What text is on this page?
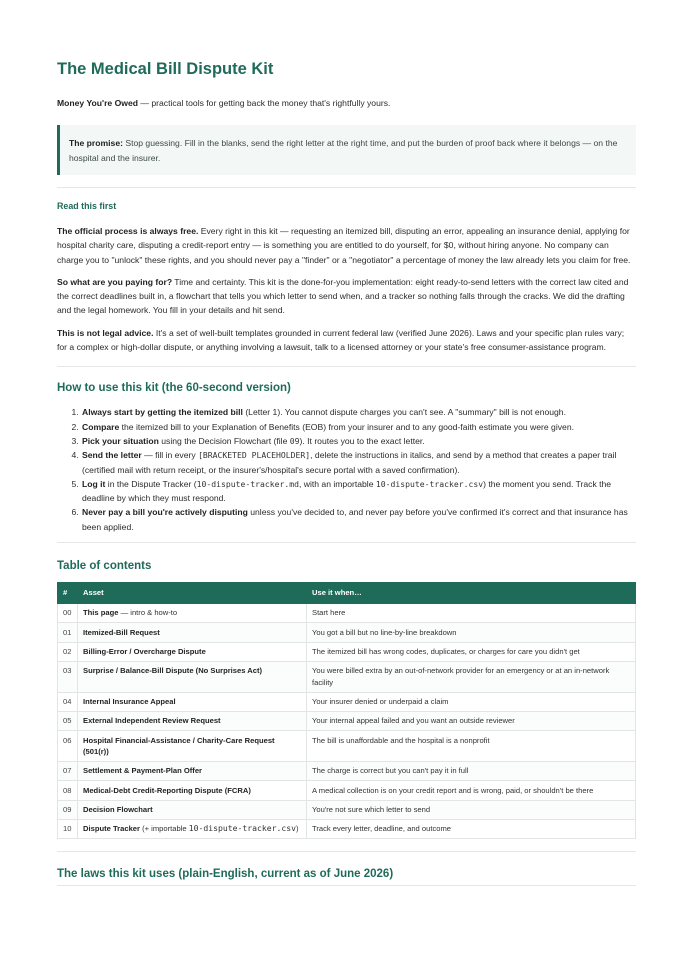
The Medical Bill Dispute Kit

Money You're Owed — practical tools for getting back the money that's rightfully yours.

The promise: Stop guessing. Fill in the blanks, send the right letter at the right time, and put the burden of proof back where it belongs — on the hospital and the insurer.
Read this first

The official process is always free. Every right in this kit — requesting an itemized bill, disputing an error, appealing an insurance denial, applying for hospital charity care, disputing a credit-report entry — is something you are entitled to do yourself, for $0, without hiring anyone. No company can charge you to "unlock" these rights, and you should never pay a "finder" or a "negotiator" a percentage of money the law already lets you claim for free.

So what are you paying for? Time and certainty. This kit is the done-for-you implementation: eight ready-to-send letters with the correct law cited and the correct deadlines built in, a flowchart that tells you which letter to send when, and a tracker so nothing falls through the cracks. We did the drafting and the legal homework. You fill in your details and hit send.

This is not legal advice. It's a set of well-built templates grounded in current federal law (verified June 2026). Laws and your specific plan rules vary; for a complex or high-dollar dispute, or anything involving a lawsuit, talk to a licensed attorney or your state's free consumer-assistance program.

How to use this kit (the 60-second version)
1. Always start by getting the itemized bill (Letter 1). You cannot dispute charges you can't see. A "summary" bill is not enough.
2. Compare the itemized bill to your Explanation of Benefits (EOB) from your insurer and to any good-faith estimate you were given.
3. Pick your situation using the Decision Flowchart (file 09). It routes you to the exact letter.
4. Send the letter — fill in every [BRACKETED PLACEHOLDER], delete the instructions in italics, and send by a method that creates a paper trail (certified mail with return receipt, or the insurer's/hospital's secure portal with a saved confirmation).
5. Log it in the Dispute Tracker (10-dispute-tracker.md, with an importable 10-dispute-tracker.csv) the moment you send. Track the deadline by which they must respond.
6. Never pay a bill you're actively disputing unless you've decided to, and never pay before you've confirmed it's correct and that insurance has been applied.
Table of contents
#	Asset	Use it when…
00	This page — intro & how-to	Start here
01	Itemized-Bill Request	You got a bill but no line-by-line breakdown
02	Billing-Error / Overcharge Dispute	The itemized bill has wrong codes, duplicates, or charges for care you didn't get
03	Surprise / Balance-Bill Dispute (No Surprises Act)	You were billed extra by an out-of-network provider for an emergency or at an in-network facility
04	Internal Insurance Appeal	Your insurer denied or underpaid a claim
05	External Independent Review Request	Your internal appeal failed and you want an outside reviewer
06	Hospital Financial-Assistance / Charity-Care Request (501(r))	The bill is unaffordable and the hospital is a nonprofit
07	Settlement & Payment-Plan Offer	The charge is correct but you can't pay it in full
08	Medical-Debt Credit-Reporting Dispute (FCRA)	A medical collection is on your credit report and is wrong, paid, or shouldn't be there
09	Decision Flowchart	You're not sure which letter to send
10	Dispute Tracker (+ importable 10-dispute-tracker.csv)	Track every letter, deadline, and outcome
The laws this kit uses (plain-English, current as of June 2026)
